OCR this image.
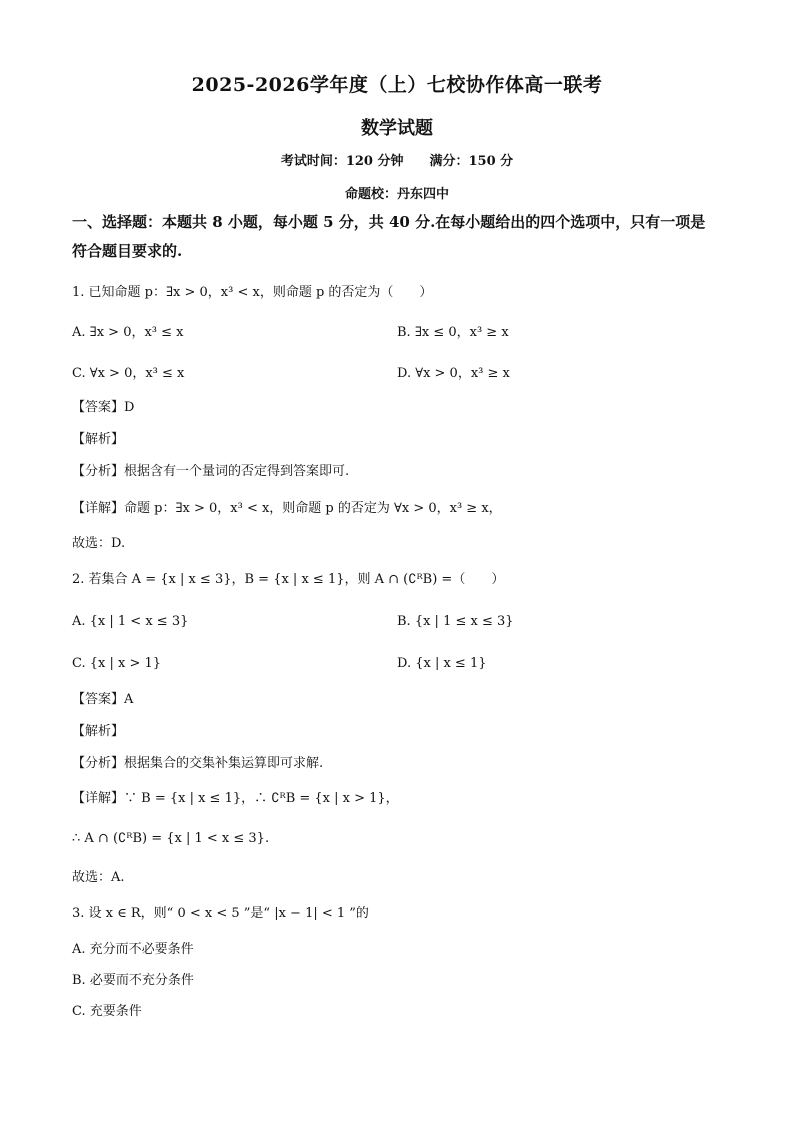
2025-2026学年度（上）七校协作体高一联考
数学试题
考试时间：120 分钟　　满分：150 分
命题校：丹东四中
一、选择题：本题共 8 小题，每小题 5 分，共 40 分.在每小题给出的四个选项中，只有一项是
符合题目要求的.
1. 已知命题 p：∃x > 0，x³ < x，则命题 p 的否定为（　　）
A. ∃x > 0，x³ ≤ x	B. ∃x ≤ 0，x³ ≥ x
C. ∀x > 0，x³ ≤ x	D. ∀x > 0，x³ ≥ x
【答案】D
【解析】
【分析】根据含有一个量词的否定得到答案即可.
【详解】命题 p：∃x > 0，x³ < x，则命题 p 的否定为 ∀x > 0，x³ ≥ x，
故选：D.
2. 若集合 A = {x | x ≤ 3}，B = {x | x ≤ 1}，则 A ∩ (∁ᴿB) =（　　）
A. {x | 1 < x ≤ 3}	B. {x | 1 ≤ x ≤ 3}
C. {x | x > 1}	D. {x | x ≤ 1}
【答案】A
【解析】
【分析】根据集合的交集补集运算即可求解.
【详解】∵ B = {x | x ≤ 1}，∴ ∁ᴿB = {x | x > 1}，
∴ A ∩ (∁ᴿB) = {x | 1 < x ≤ 3}.
故选：A.
3. 设 x ∈ R，则“ 0 < x < 5 ”是“ |x − 1| < 1 ”的
A. 充分而不必要条件
B. 必要而不充分条件
C. 充要条件
